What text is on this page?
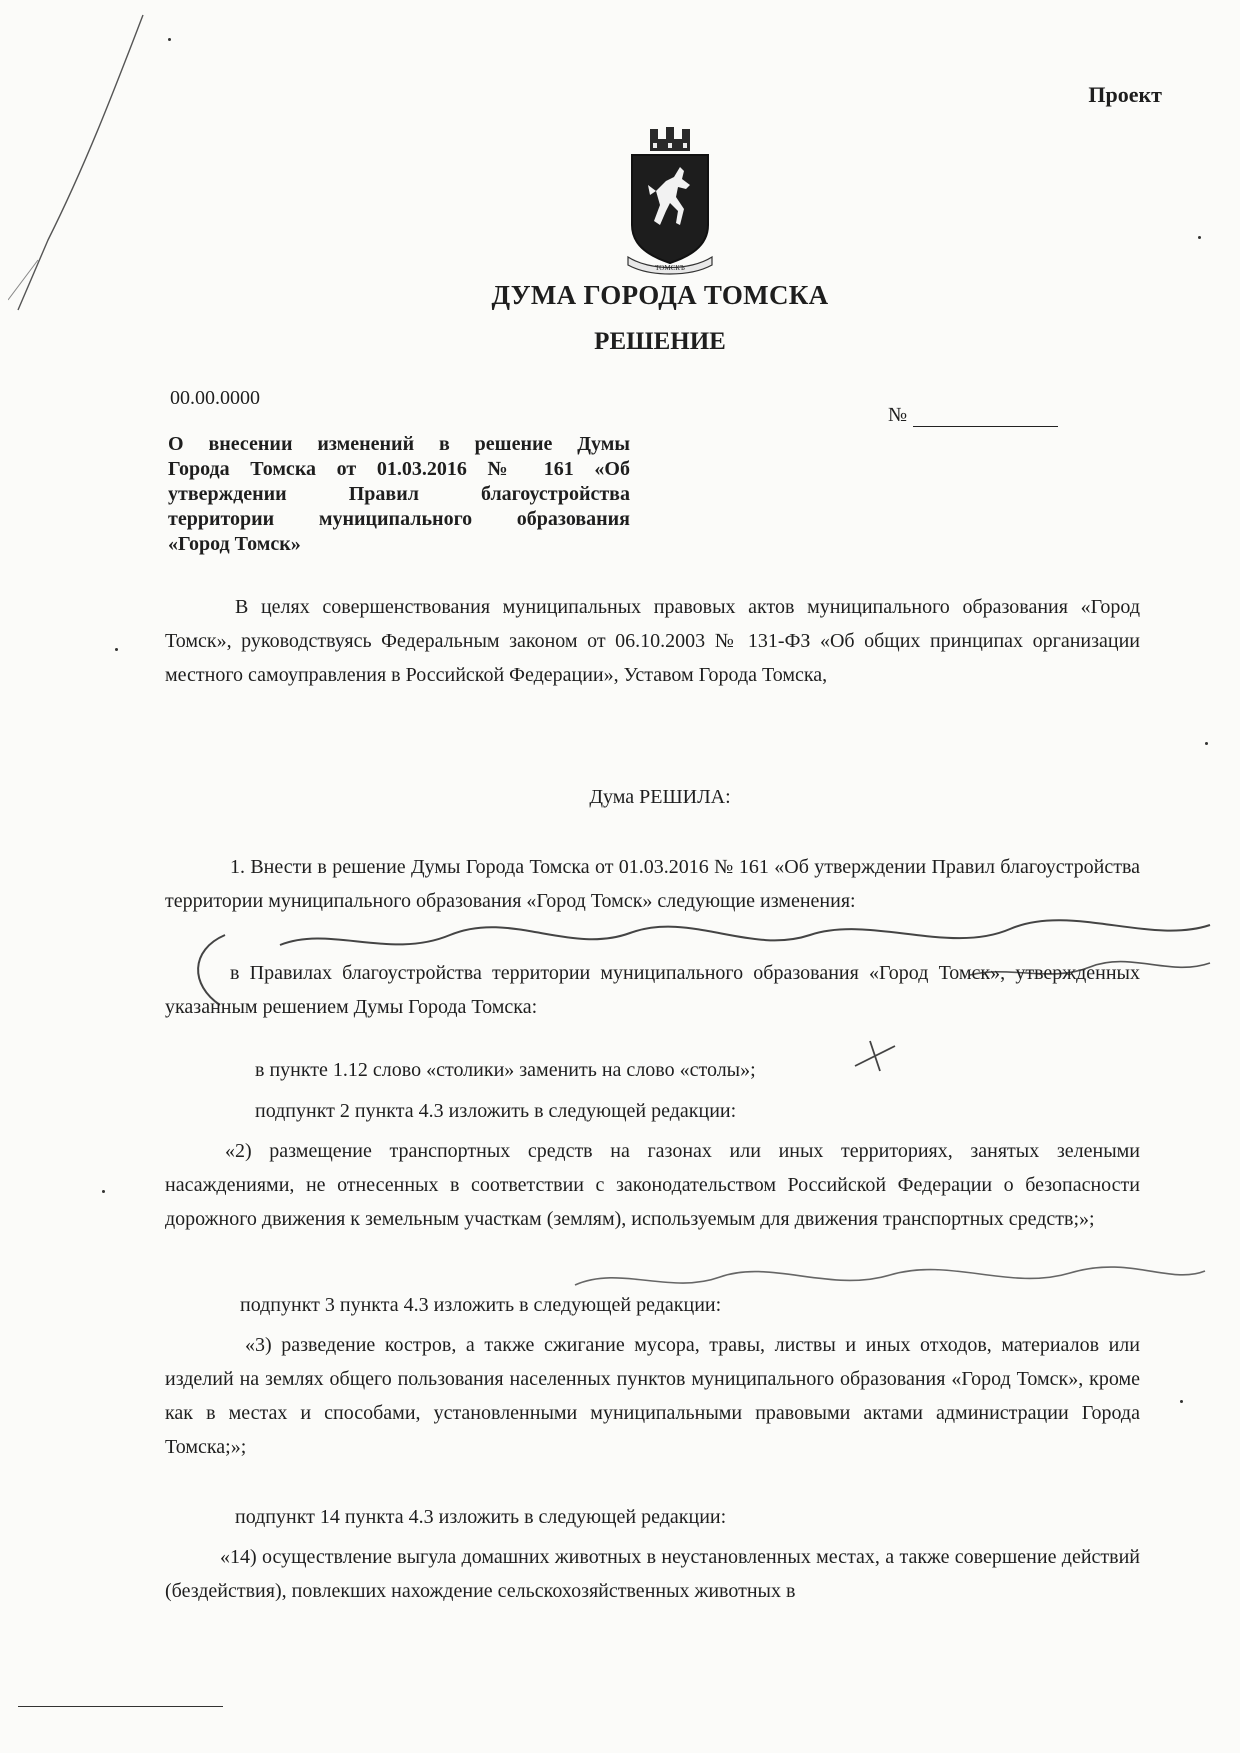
Проект
ТОМСКЪ
ДУМА ГОРОДА ТОМСКА
РЕШЕНИЕ
00.00.0000
№
О внесении изменений в решение Думы
Города Томска от 01.03.2016 № 161 «Об
утверждении Правил благоустройства
территории муниципального образования
«Город Томск»
В целях совершенствования муниципальных правовых актов муниципального образования «Город Томск», руководствуясь Федеральным законом от 06.10.2003 № 131-ФЗ «Об общих принципах организации местного самоуправления в Российской Федерации», Уставом Города Томска,
Дума РЕШИЛА:
1. Внести в решение Думы Города Томска от 01.03.2016 № 161 «Об утверждении Правил благоустройства территории муниципального образования «Город Томск» следующие изменения:
в Правилах благоустройства территории муниципального образования «Город Томск», утвержденных указанным решением Думы Города Томска:
в пункте 1.12 слово «столики» заменить на слово «столы»;
подпункт 2 пункта 4.3 изложить в следующей редакции:
«2) размещение транспортных средств на газонах или иных территориях, занятых зелеными насаждениями, не отнесенных в соответствии с законодательством Российской Федерации о безопасности дорожного движения к земельным участкам (землям), используемым для движения транспортных средств;»;
подпункт 3 пункта 4.3 изложить в следующей редакции:
«3) разведение костров, а также сжигание мусора, травы, листвы и иных отходов, материалов или изделий на землях общего пользования населенных пунктов муниципального образования «Город Томск», кроме как в местах и способами, установленными муниципальными правовыми актами администрации Города Томска;»;
подпункт 14 пункта 4.3 изложить в следующей редакции:
«14) осуществление выгула домашних животных в неустановленных местах, а также совершение действий (бездействия), повлекших нахождение сельскохозяйственных животных в
